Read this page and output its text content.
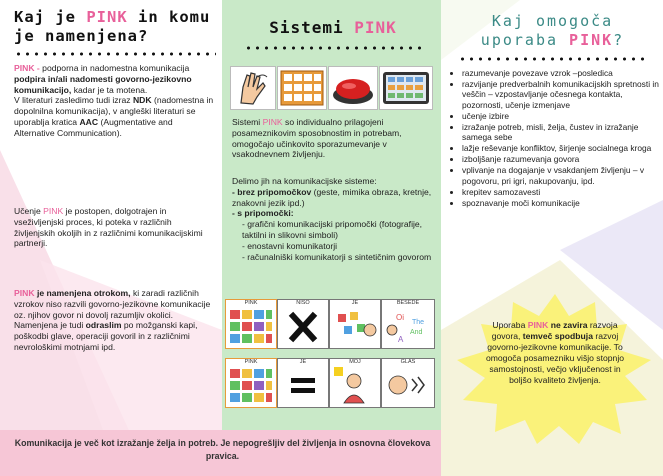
Kaj je PINK in komu
je namenjena?
PINK - podporna in nadomestna komunikacija podpira in/ali nadomesti govorno-jezikovno komunikacijo, kadar je ta motena.
V literaturi zasledimo tudi izraz NDK (nadomestna in dopolnilna komunikacija), v angleški literaturi se uporablja kratica AAC (Augmentative and Alternative Communication).
Učenje PINK je postopen, dolgotrajen in vseživljenjski proces, ki poteka v različnih življenjskih okoljih in z različnimi komunikacijskimi partnerji.
PINK je namenjena otrokom, ki zaradi različnih vzrokov niso razvili govorno-jezikovne komunikacije oz. njihov govor ni dovolj razumljiv okolici. Namenjena je tudi odraslim po možganski kapi, poškodbi glave, operaciji govoril in z različnimi nevrološkimi motnjami ipd.
Sistemi PINK
Sistemi PINK so individualno prilagojeni posameznikovim sposobnostim in potrebam, omogočajo učinkovito sporazumevanje v vsakodnevnem življenju.
Delimo jih na komunikacijske sisteme:
- brez pripomočkov (geste, mimika obraza, kretnje, znakovni jezik ipd.)
- s pripomočki:

- grafični komunikacijski pripomočki (fotografije, taktilni in slikovni simboli)
- enostavni komunikatorji
- računalniški komunikatorji s sintetičnim govorom
PINK	NISO	JE	BESEDE
Oi
The
And
A
PINK	JE	MOJ	GLAS
Kaj omogoča
uporaba PINK?
• razumevanje povezave vzrok –posledica
• razvijanje predverbalnih komunikacijskih spretnosti in veščin – vzpostavljanje očesnega kontakta, pozornosti, učenje izmenjave
• učenje izbire
• izražanje potreb, misli, želja, čustev in izražanje samega sebe
• lažje reševanje konfliktov, širjenje socialnega kroga
• izboljšanje razumevanja govora
• vplivanje na dogajanje v vsakdanjem življenju – v pogovoru, pri igri, nakupovanju, ipd.
• krepitev samozavesti
• spoznavanje moči komunikacije
Uporaba PINK ne zavira razvoja govora, temveč spodbuja razvoj govorno-jezikovne komunikacije. To omogoča posamezniku višjo stopnjo samostojnosti, večjo vključenost in boljšo kvaliteto življenja.
Komunikacija je več kot izražanje želja in potreb. Je nepogrešljiv del življenja in osnovna človekova pravica.
